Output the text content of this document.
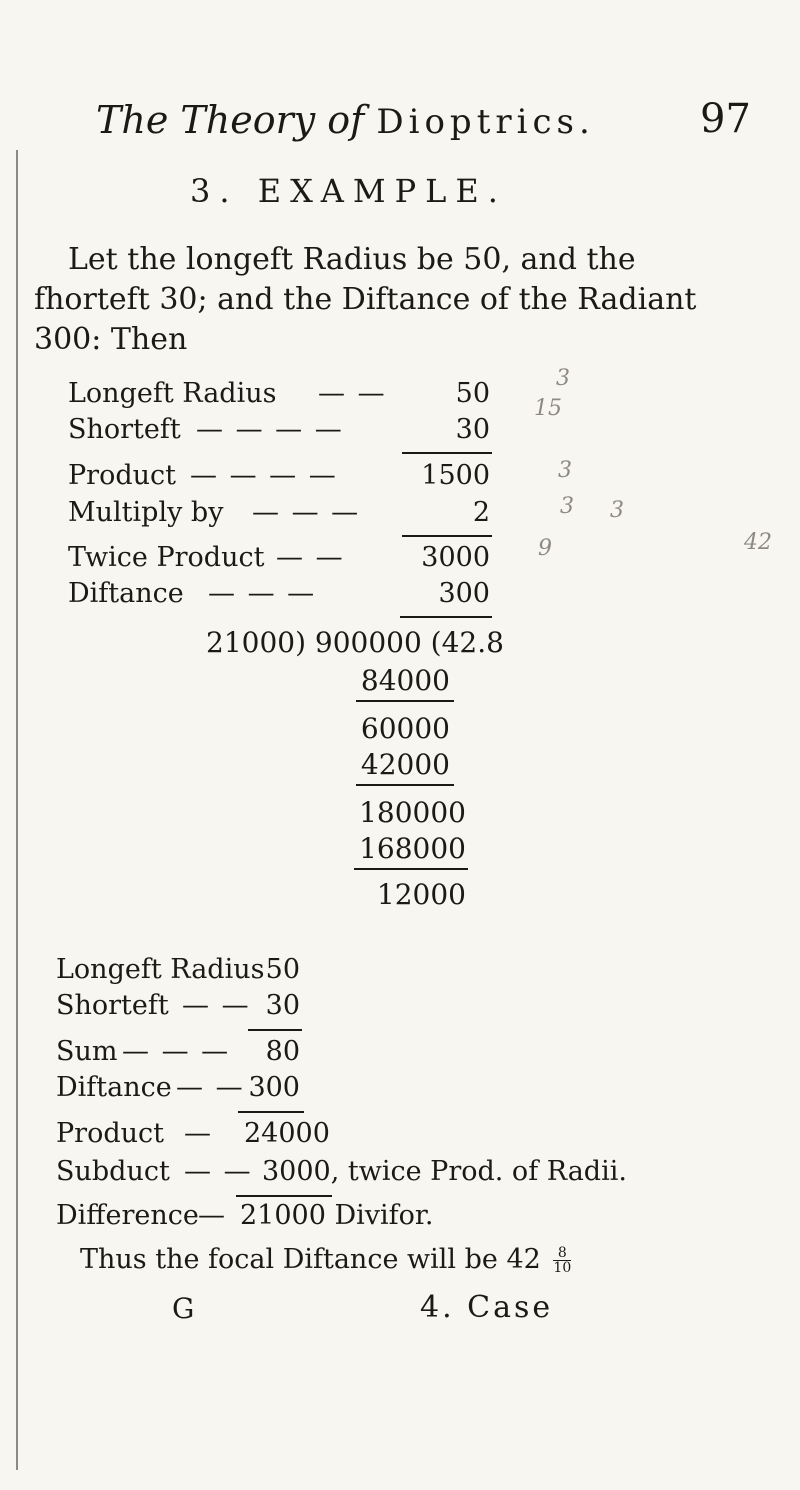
The Theory of Dioptrics.	97
3. EXAMPLE.
Let the longeft Radius be 50, and the
fhorteft 30; and the Diftance of the Radiant
300: Then
Longeft Radius — —	50
Shorteft — — — —	30
Product — — — —	1500
Multiply by — — —	2
Twice Product — —	3000
Diftance — — —	300
21000) 900000 (42.8
84000
60000
42000
180000
168000
12000
Longeft Radius 50
Shorteft — — 30
Sum — — —	80
Diftance — — 300
Product — 24000
Subduct — — 3000, twice Prod. of Radii.
Difference — 21000 Divifor.
Thus the focal Diftance will be $42 \frac{8}{10}$
G	4. Case
3
15
3
3 3
9	42
